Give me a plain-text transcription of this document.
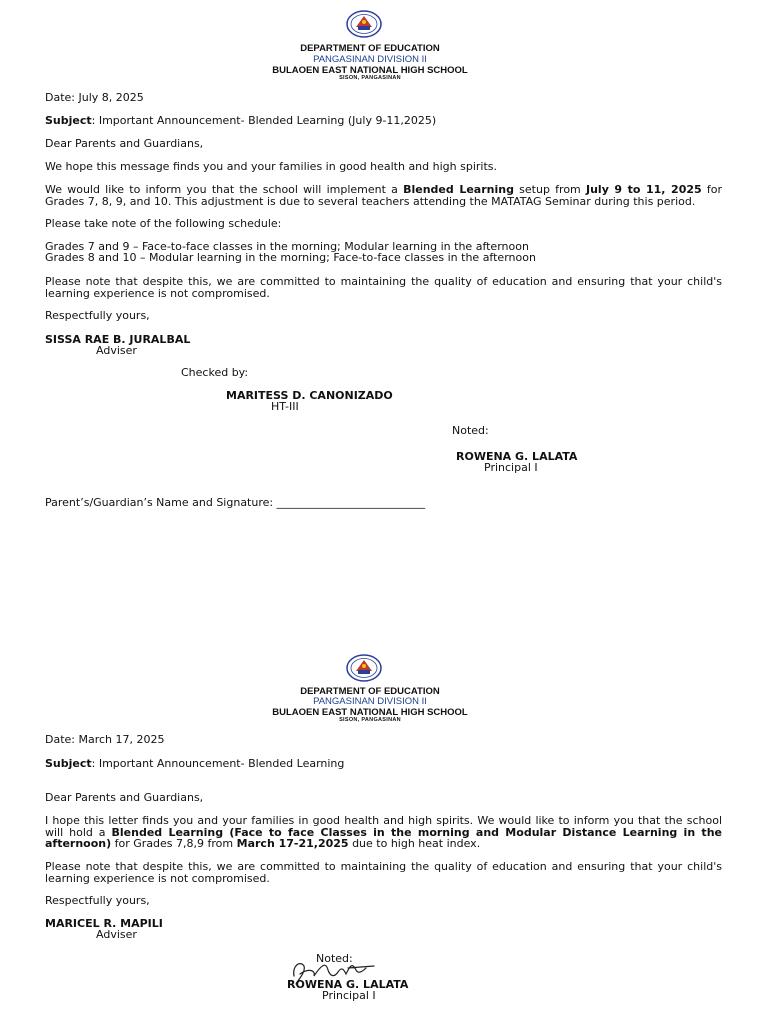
DEPARTMENT OF EDUCATION
PANGASINAN DIVISION II
BULAOEN EAST NATIONAL HIGH SCHOOL
SISON, PANGASINAN
Date: July 8, 2025
Subject: Important Announcement- Blended Learning (July 9-11,2025)
Dear Parents and Guardians,
We hope this message finds you and your families in good health and high spirits.
We would like to inform you that the school will implement a Blended Learning setup from July 9 to 11, 2025 for Grades 7, 8, 9, and 10. This adjustment is due to several teachers attending the MATATAG Seminar during this period.
Please take note of the following schedule:
Grades 7 and 9 – Face-to-face classes in the morning; Modular learning in the afternoon
Grades 8 and 10 – Modular learning in the morning; Face-to-face classes in the afternoon
Please note that despite this, we are committed to maintaining the quality of education and ensuring that your child's learning experience is not compromised.
Respectfully yours,
SISSA RAE B. JURALBAL
Adviser
Checked by:
MARITESS D. CANONIZADO
HT-III
Noted:
ROWENA G. LALATA
Principal I
Parent’s/Guardian’s Name and Signature: ___________________________
DEPARTMENT OF EDUCATION
PANGASINAN DIVISION II
BULAOEN EAST NATIONAL HIGH SCHOOL
SISON, PANGASINAN
Date: March 17, 2025
Subject: Important Announcement- Blended Learning
Dear Parents and Guardians,
I hope this letter finds you and your families in good health and high spirits. We would like to inform you that the school will hold a Blended Learning (Face to face Classes in the morning and Modular Distance Learning in the afternoon) for Grades 7,8,9 from March 17-21,2025 due to high heat index.
Please note that despite this, we are committed to maintaining the quality of education and ensuring that your child's learning experience is not compromised.
Respectfully yours,
MARICEL R. MAPILI
Adviser
Noted:
ROWENA G. LALATA
Principal I
